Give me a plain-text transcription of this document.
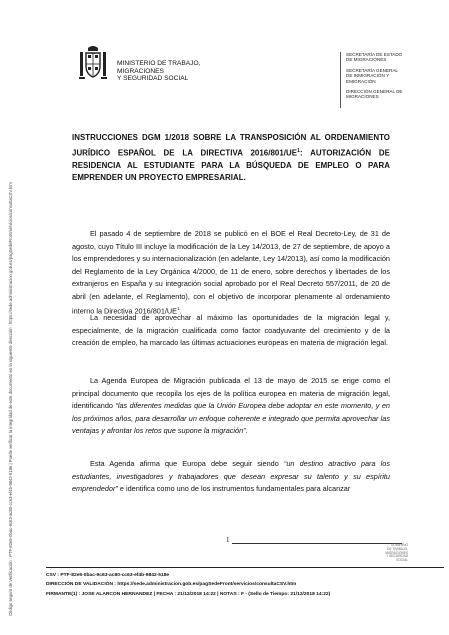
Código seguro de Verificación : PTF-82e5-0bac-9c63-ac80-cc63-ef4b-9842-518e | Puede verificar la integridad de este documento en la siguiente dirección : https://sede.administracion.gob.es/pagSedeFront/servicios/consultaCSV.htm
MINISTERIO DE TRABAJO,
MIGRACIONES
Y SEGURIDAD SOCIAL
SECRETARÍA DE ESTADO
DE MIGRACIONES
SECRETARÍA GENERAL
DE INMIGRACIÓN Y
EMIGRACIÓN
DIRECCIÓN GENERAL DE
MIGRACIONES
INSTRUCCIONES DGM 1/2018 SOBRE LA TRANSPOSICIÓN AL ORDENAMIENTO JURÍDICO ESPAÑOL DE LA DIRECTIVA $2016/801/UE^1$: AUTORIZACIÓN DE RESIDENCIA AL ESTUDIANTE PARA LA BÚSQUEDA DE EMPLEO O PARA EMPRENDER UN PROYECTO EMPRESARIAL.

El pasado 4 de septiembre de 2018 se publicó en el BOE el Real Decreto-Ley, de 31 de agosto, cuyo Título III incluye la modificación de la Ley 14/2013, de 27 de septiembre, de apoyo a los emprendedores y su internacionalización (en adelante, Ley 14/2013), así como la modificación del Reglamento de la Ley Orgánica 4/2000, de 11 de enero, sobre derechos y libertades de los extranjeros en España y su integración social aprobado por el Real Decreto 557/2011, de 20 de abril (en adelante, el Reglamento), con el objetivo de incorporar plenamente al ordenamiento interno la Directiva $2016/801/UE^1$.

La necesidad de aprovechar al máximo las oportunidades de la migración legal y, especialmente, de la migración cualificada como factor coadyuvante del crecimiento y de la creación de empleo, ha marcado las últimas actuaciones europeas en materia de migración legal.

La Agenda Europea de Migración publicada el 13 de mayo de 2015 se erige como el principal documento que recopila los ejes de la política europea en materia de migración legal, identificando “las diferentes medidas que la Unión Europea debe adoptar en este momento, y en los próximos años, para desarrollar un enfoque coherente e integrado que permita aprovechar las ventajas y afrontar los retos que supone la migración”.

Esta Agenda afirma que Europa debe seguir siendo “un destino atractivo para los estudiantes, investigadores y trabajadores que desean expresar su talento y su espíritu emprendedor” e identifica como uno de los instrumentos fundamentales para alcanzar

1
GOBIERNO
DE TRABAJO, MIGRACIONES
Y SEGURIDAD SOCIAL
CSV : PTF-82e5-0bac-9c63-ac80-cc63-ef4b-9842-518e
DIRECCIÓN DE VALIDACIÓN : https://sede.administracion.gob.es/pagSedeFront/servicios/consultaCSV.htm
FIRMANTE(1) : JOSE ALARCON HERNANDEZ | FECHA : 21/12/2018 14:22 | NOTAS : F - (Sello de Tiempo: 21/12/2018 14:22)
